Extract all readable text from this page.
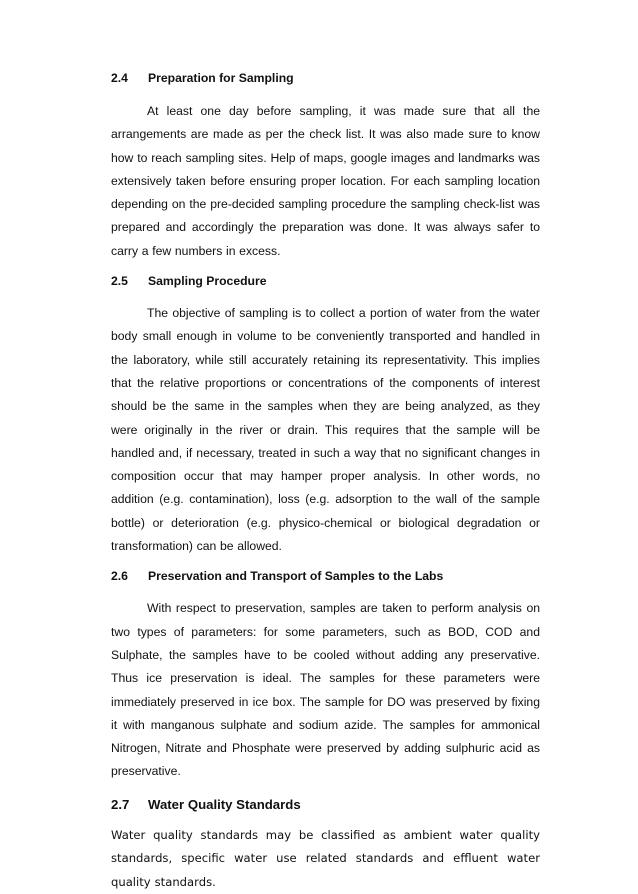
2.4	Preparation for Sampling

At least one day before sampling, it was made sure that all the arrangements are made as per the check list. It was also made sure to know how to reach sampling sites. Help of maps, google images and landmarks was extensively taken before ensuring proper location. For each sampling location depending on the pre-decided sampling procedure the sampling check-list was prepared and accordingly the preparation was done. It was always safer to carry a few numbers in excess.

2.5	Sampling Procedure

The objective of sampling is to collect a portion of water from the water body small enough in volume to be conveniently transported and handled in the laboratory, while still accurately retaining its representativity. This implies that the relative proportions or concentrations of the components of interest should be the same in the samples when they are being analyzed, as they were originally in the river or drain. This requires that the sample will be handled and, if necessary, treated in such a way that no significant changes in composition occur that may hamper proper analysis. In other words, no addition (e.g. contamination), loss (e.g. adsorption to the wall of the sample bottle) or deterioration (e.g. physico-chemical or biological degradation or transformation) can be allowed.

2.6	Preservation and Transport of Samples to the Labs

With respect to preservation, samples are taken to perform analysis on two types of parameters: for some parameters, such as BOD, COD and Sulphate, the samples have to be cooled without adding any preservative. Thus ice preservation is ideal. The samples for these parameters were immediately preserved in ice box. The sample for DO was preserved by fixing it with manganous sulphate and sodium azide. The samples for ammonical Nitrogen, Nitrate and Phosphate were preserved by adding sulphuric acid as preservative.

2.7	Water Quality Standards

Water quality standards may be classified as ambient water quality standards, specific water use related standards and effluent water quality standards.
